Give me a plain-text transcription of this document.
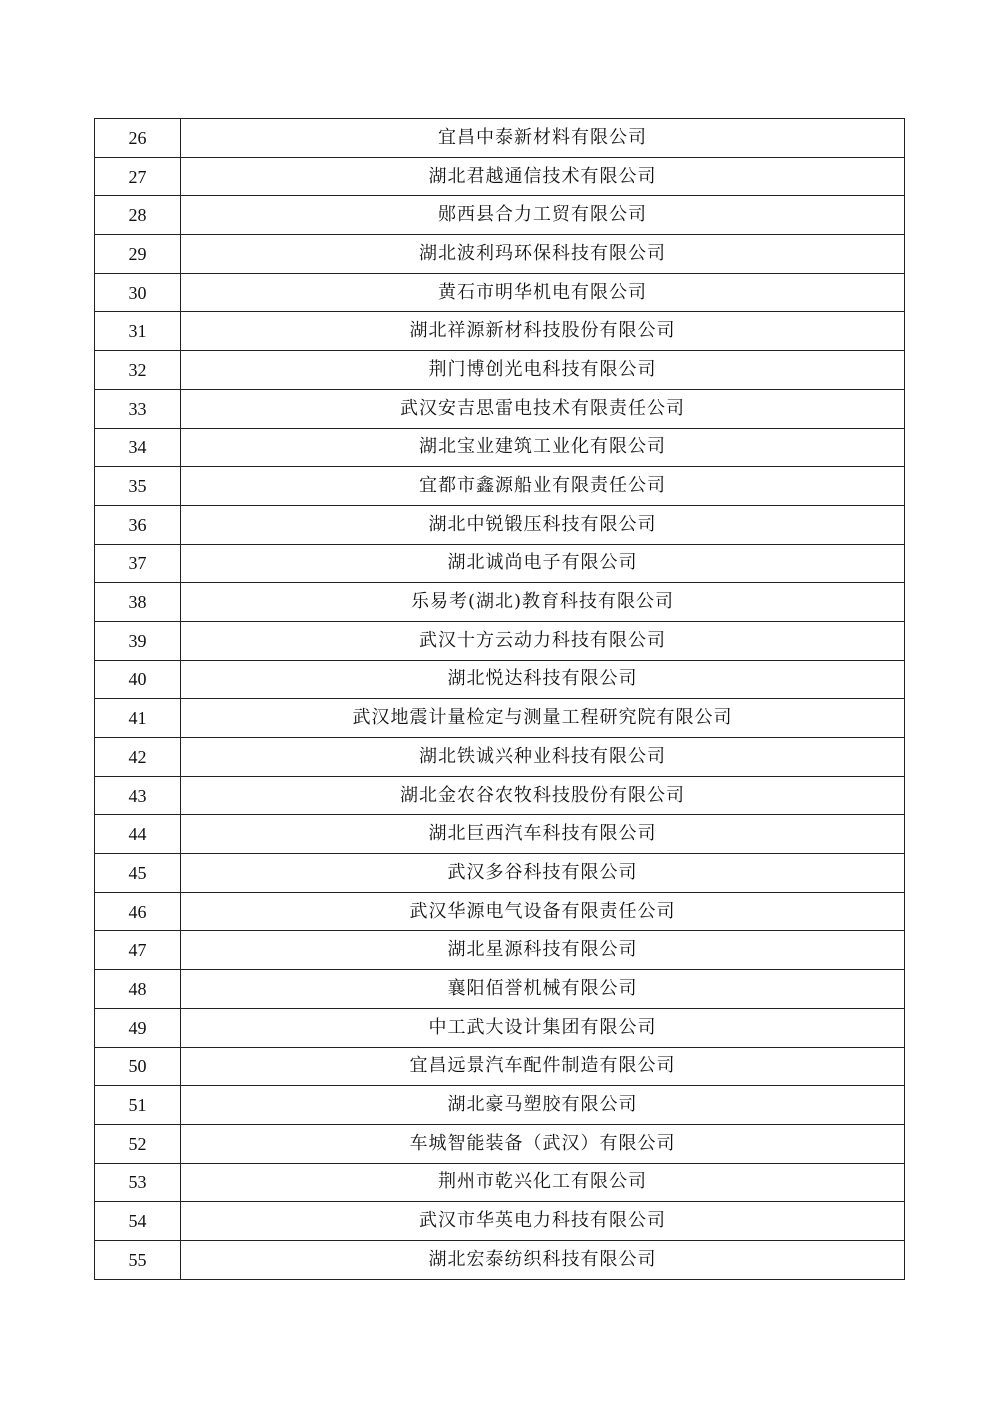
26	宜昌中泰新材料有限公司
27	湖北君越通信技术有限公司
28	郧西县合力工贸有限公司
29	湖北波利玛环保科技有限公司
30	黄石市明华机电有限公司
31	湖北祥源新材科技股份有限公司
32	荆门博创光电科技有限公司
33	武汉安吉思雷电技术有限责任公司
34	湖北宝业建筑工业化有限公司
35	宜都市鑫源船业有限责任公司
36	湖北中锐锻压科技有限公司
37	湖北诚尚电子有限公司
38	乐易考(湖北)教育科技有限公司
39	武汉十方云动力科技有限公司
40	湖北悦达科技有限公司
41	武汉地震计量检定与测量工程研究院有限公司
42	湖北铁诚兴种业科技有限公司
43	湖北金农谷农牧科技股份有限公司
44	湖北巨西汽车科技有限公司
45	武汉多谷科技有限公司
46	武汉华源电气设备有限责任公司
47	湖北星源科技有限公司
48	襄阳佰誉机械有限公司
49	中工武大设计集团有限公司
50	宜昌远景汽车配件制造有限公司
51	湖北豪马塑胶有限公司
52	车城智能装备（武汉）有限公司
53	荆州市乾兴化工有限公司
54	武汉市华英电力科技有限公司
55	湖北宏泰纺织科技有限公司
